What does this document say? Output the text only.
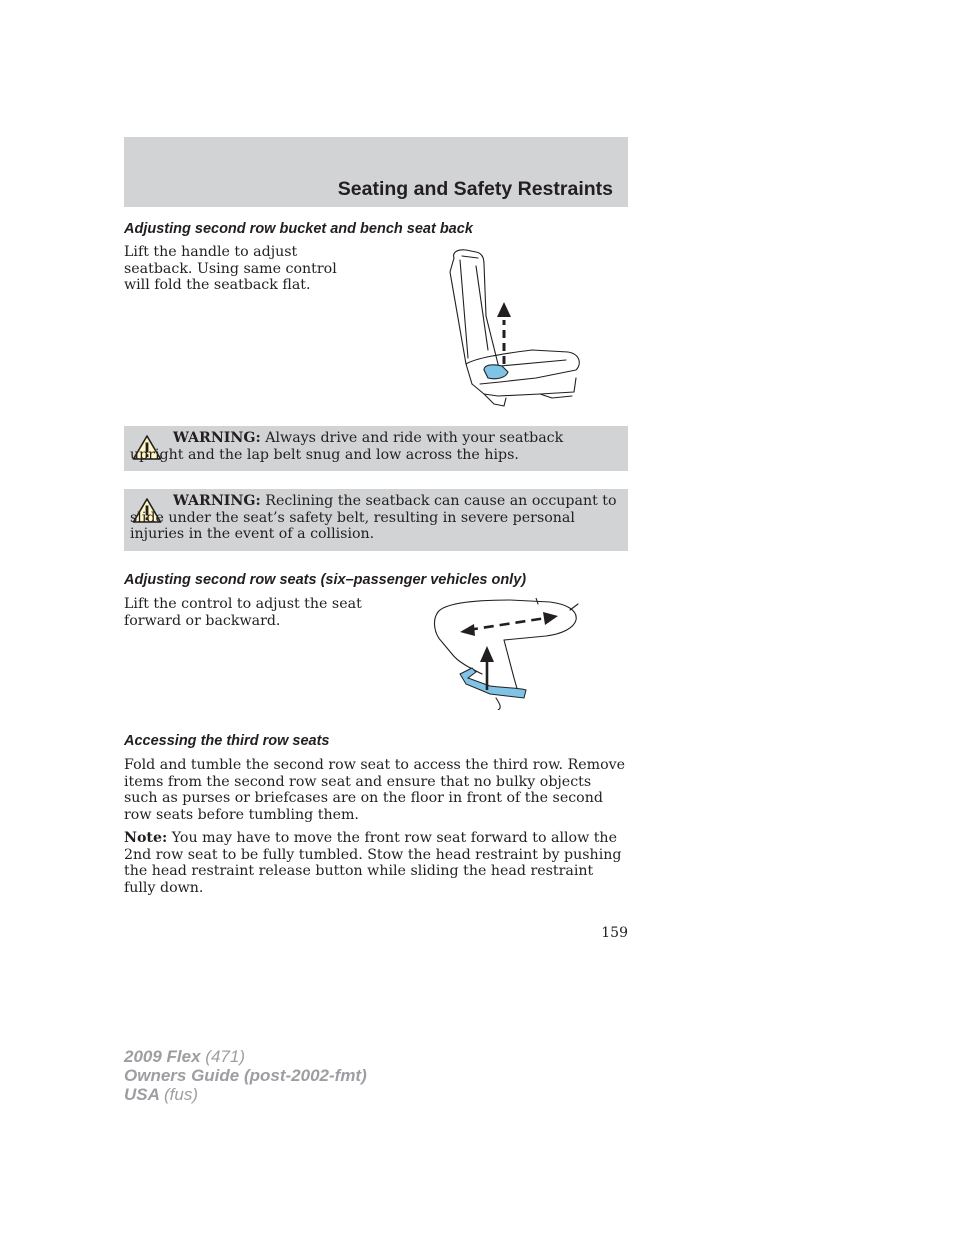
Seating and Safety Restraints
Adjusting second row bucket and bench seat back

Lift the handle to adjust seatback. Using same control will fold the seatback flat.

WARNING: Always drive and ride with your seatback upright and the lap belt snug and low across the hips.

WARNING: Reclining the seatback can cause an occupant to slide under the seat’s safety belt, resulting in severe personal injuries in the event of a collision.

Adjusting second row seats (six–passenger vehicles only)

Lift the control to adjust the seat forward or backward.

Accessing the third row seats

Fold and tumble the second row seat to access the third row. Remove items from the second row seat and ensure that no bulky objects such as purses or briefcases are on the floor in front of the second row seats before tumbling them.

Note: You may have to move the front row seat forward to allow the 2nd row seat to be fully tumbled. Stow the head restraint by pushing the head restraint release button while sliding the head restraint fully down.

159

2009 Flex (471)
Owners Guide (post-2002-fmt)
USA (fus)
